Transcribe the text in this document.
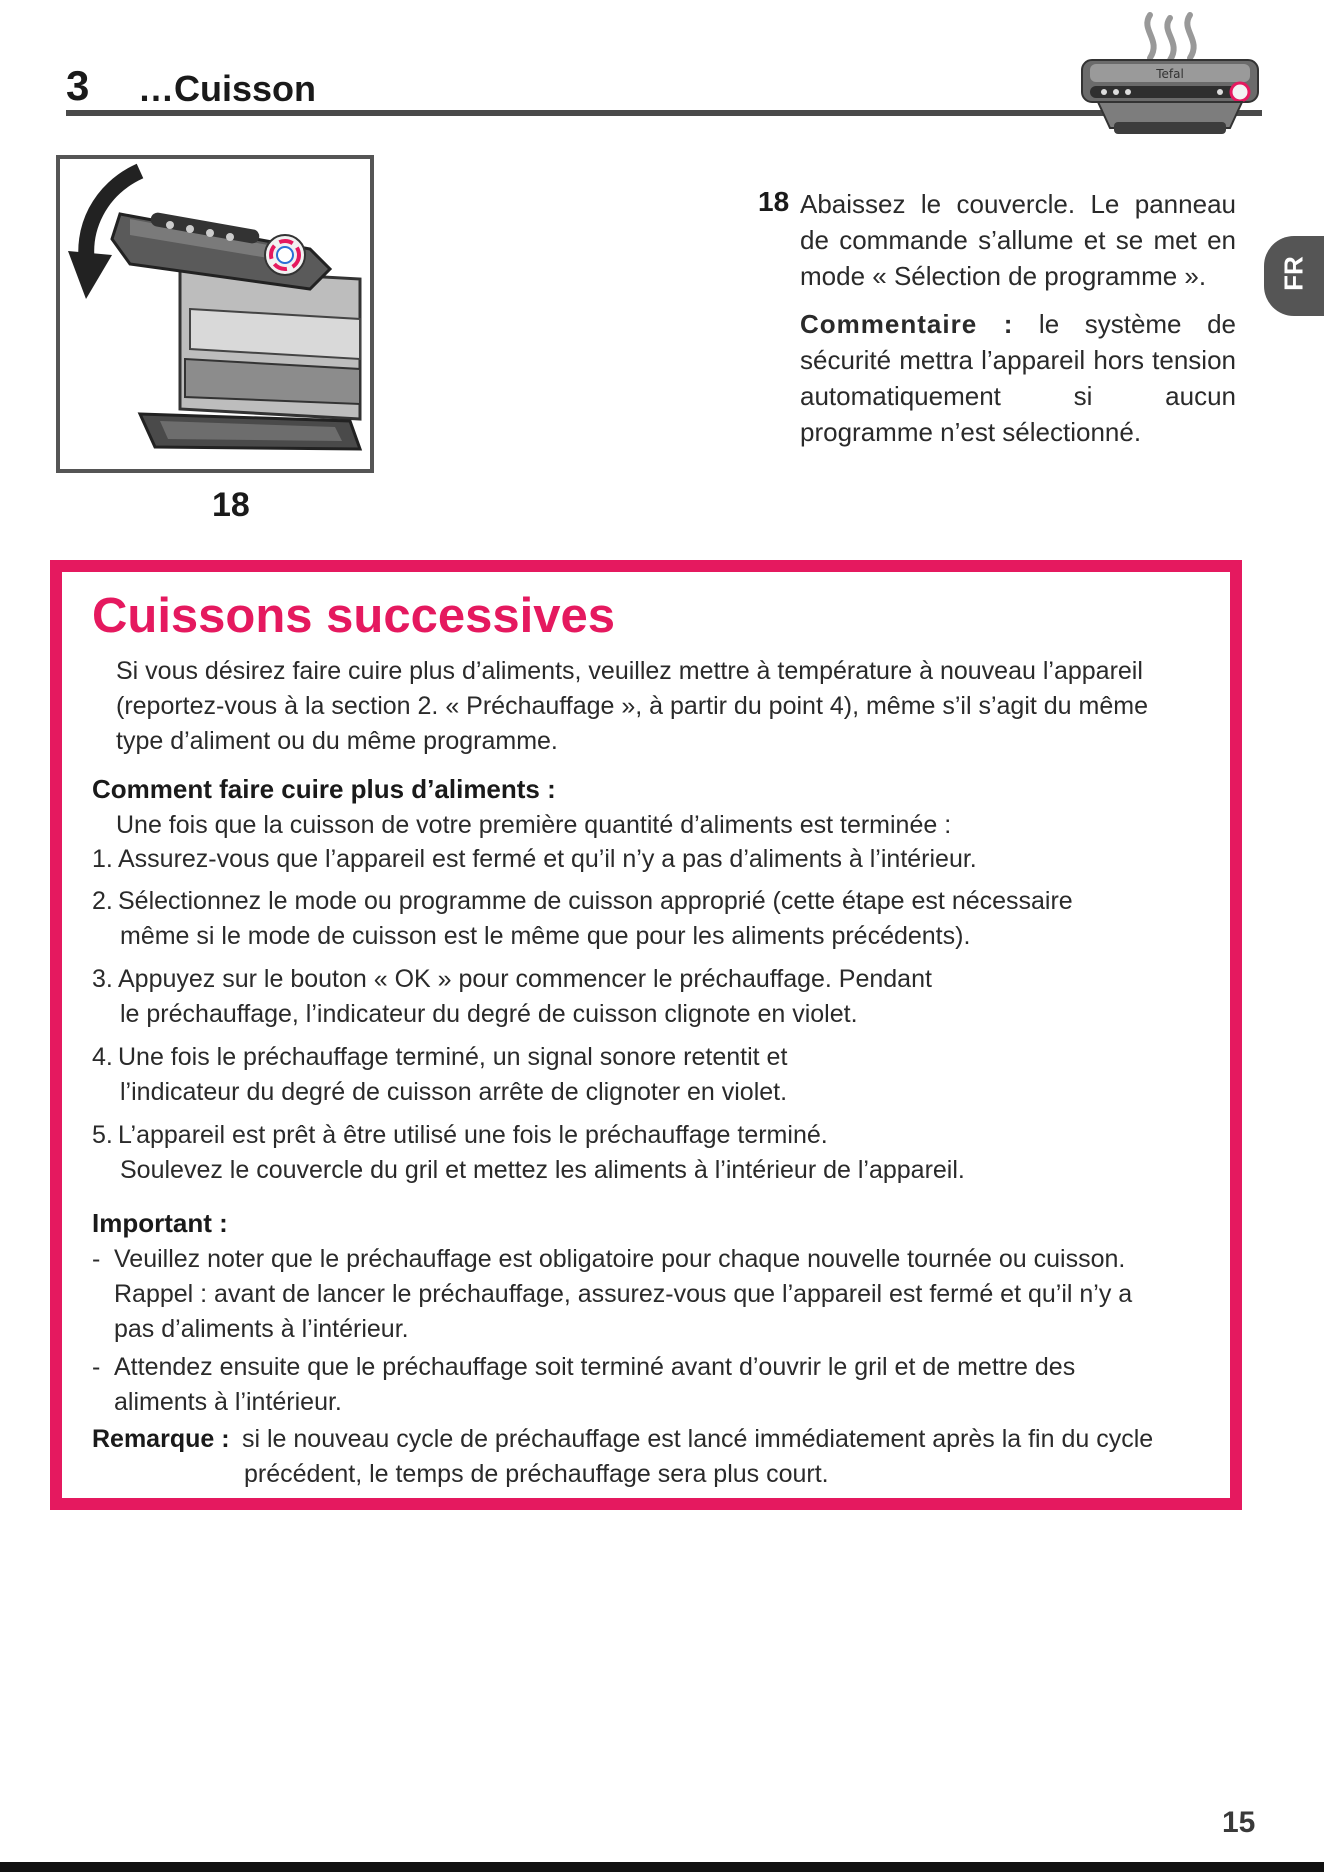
3 …Cuisson	Tefal
18
18 Abaissez le couvercle. Le panneau de commande s’allume et se met en mode « Sélection de programme ».
Commentaire : le système de sécurité mettra l’appareil hors tension automatiquement si aucun programme n’est sélectionné.
FR
Cuissons successives
Si vous désirez faire cuire plus d’aliments, veuillez mettre à température à nouveau l’appareil
(reportez-vous à la section 2. « Préchauffage », à partir du point 4), même s’il s’agit du même
type d’aliment ou du même programme.
Comment faire cuire plus d’aliments :
Une fois que la cuisson de votre première quantité d’aliments est terminée :
1. Assurez-vous que l’appareil est fermé et qu’il n’y a pas d’aliments à l’intérieur.
2. Sélectionnez le mode ou programme de cuisson approprié (cette étape est nécessaire
même si le mode de cuisson est le même que pour les aliments précédents).
3. Appuyez sur le bouton « OK » pour commencer le préchauffage. Pendant
le préchauffage, l’indicateur du degré de cuisson clignote en violet.
4. Une fois le préchauffage terminé, un signal sonore retentit et
l’indicateur du degré de cuisson arrête de clignoter en violet.
5. L’appareil est prêt à être utilisé une fois le préchauffage terminé.
Soulevez le couvercle du gril et mettez les aliments à l’intérieur de l’appareil.
Important :
- Veuillez noter que le préchauffage est obligatoire pour chaque nouvelle tournée ou cuisson.
Rappel : avant de lancer le préchauffage, assurez-vous que l’appareil est fermé et qu’il n’y a
pas d’aliments à l’intérieur.
- Attendez ensuite que le préchauffage soit terminé avant d’ouvrir le gril et de mettre des
aliments à l’intérieur.
Remarque : si le nouveau cycle de préchauffage est lancé immédiatement après la fin du cycle
précédent, le temps de préchauffage sera plus court.
15
